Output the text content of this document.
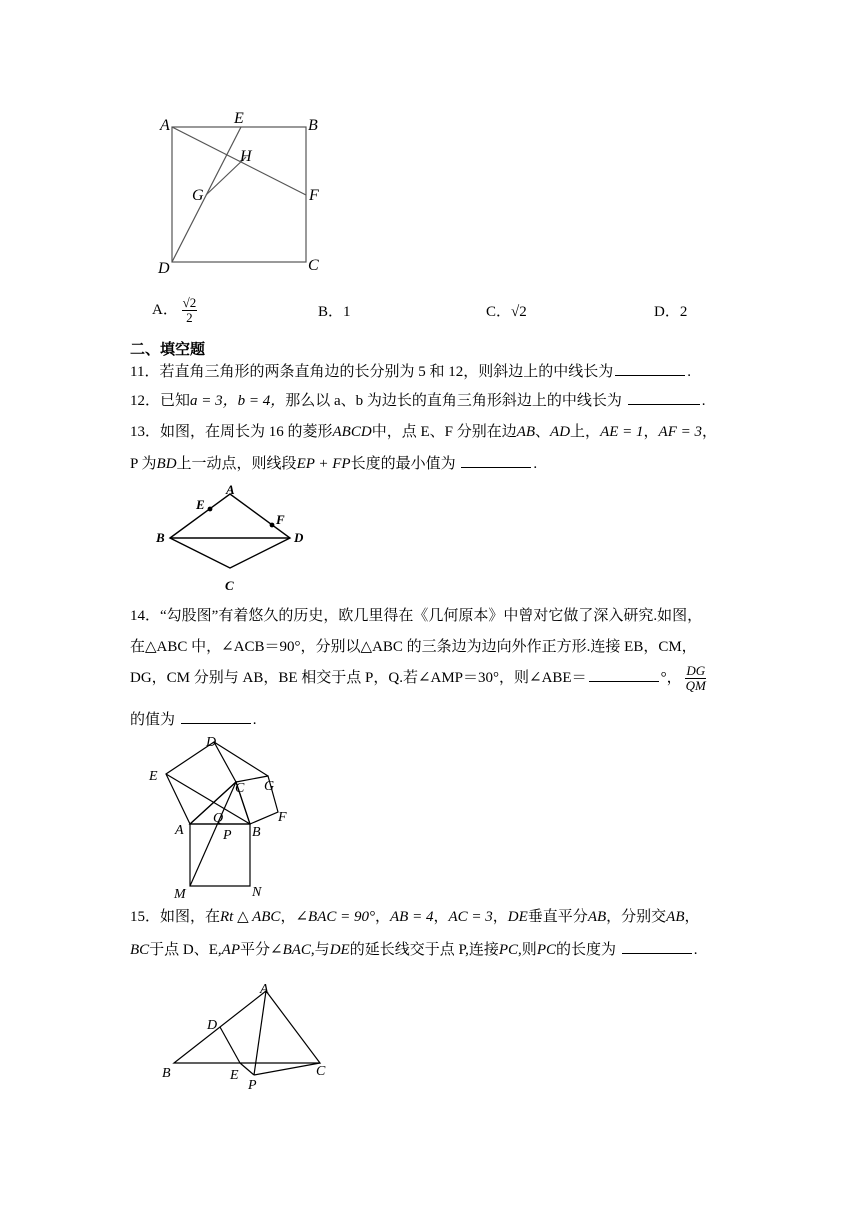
A	E	B
H
G	F
D	C
A． $\frac{√2}{2}$	B．1	C．√2	D．2
二、填空题
11．若直角三角形的两条直角边的长分别为 5 和 12，则斜边上的中线长为	.
12．已知a = 3，b = 4，那么以 a、b 为边长的直角三角形斜边上的中线长为	.
13．如图，在周长为 16 的菱形ABCD中，点 E、F 分别在边AB、AD上，AE = 1，AF = 3，
P 为BD上一动点，则线段EP + FP长度的最小值为	.
E
A
F
B	D
C
14．“勾股图”有着悠久的历史，欧几里得在《几何原本》中曾对它做了深入研究.如图，
在△ABC 中，∠ACB＝90°，分别以△ABC 的三条边为边向外作正方形.连接 EB，CM，
DG，CM 分别与 AB，BE 相交于点 P，Q.若∠AMP＝30°，则∠ABE＝	°， $\frac{DG}{QM}$
的值为	.
D
E
G
C
F
A
Q
P B
M	N
15．如图，在Rt △ ABC，∠BAC = 90°，AB = 4，AC = 3，DE垂直平分AB，分别交AB，
BC于点 D、E,AP平分∠BAC,与DE的延长线交于点 P,连接PC,则PC的长度为	.
A
D
B	E
P
C
